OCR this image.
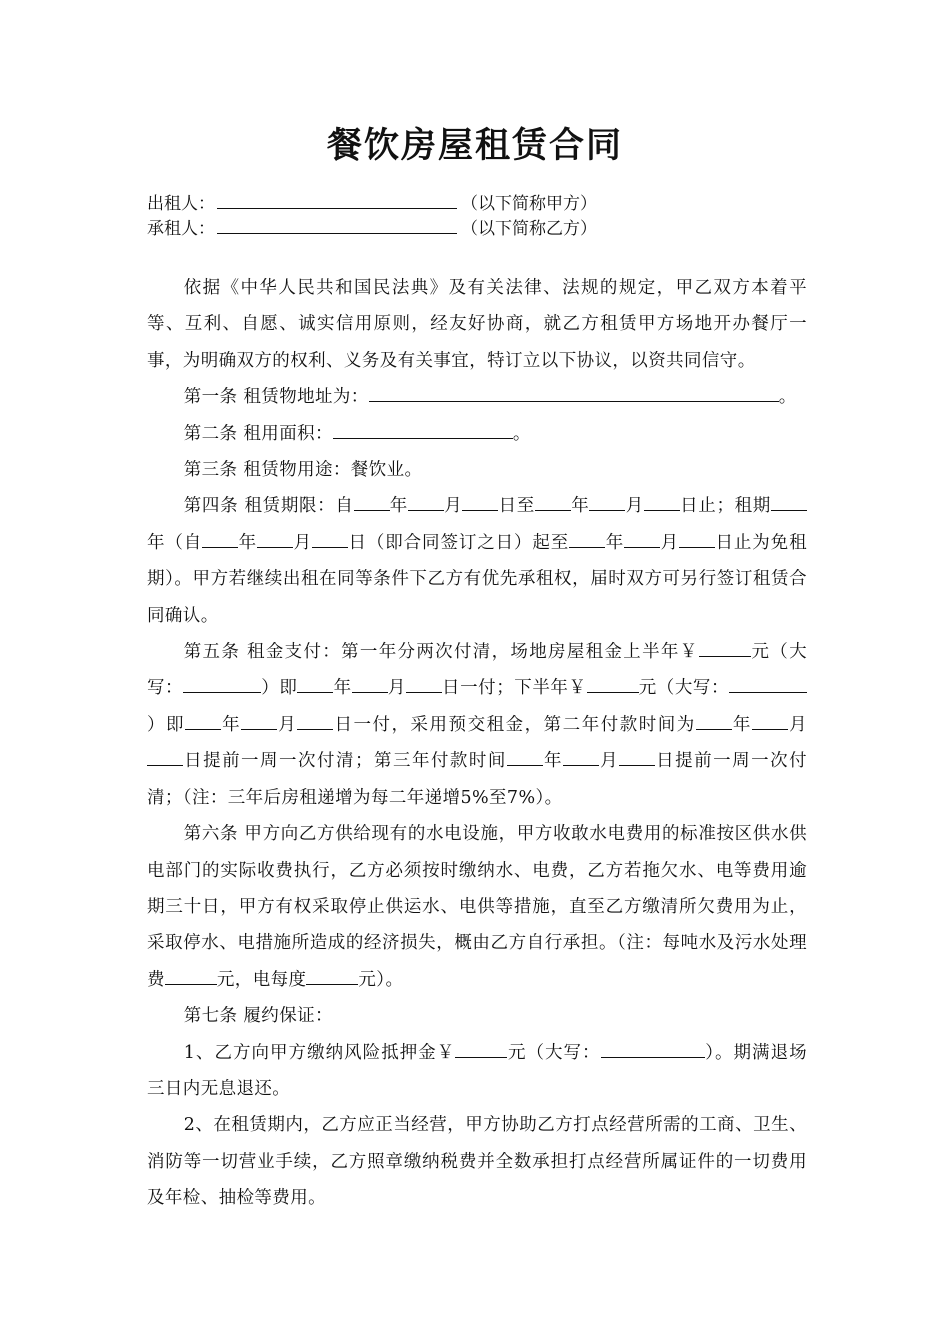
餐饮房屋租赁合同
出租人：	（以下简称甲方）
承租人：	（以下简称乙方）

依据《中华人民共和国民法典》及有关法律、法规的规定，甲乙双方本着平等、互利、自愿、诚实信用原则，经友好协商，就乙方租赁甲方场地开办餐厅一事，为明确双方的权利、义务及有关事宜，特订立以下协议，以资共同信守。

第一条 租赁物地址为：	。

第二条 租用面积：	。

第三条 租赁物用途：餐饮业。

第四条 租赁期限：自 年 月 日至 年 月 日止；租期年（自 年 月 日（即合同签订之日）起至 年 月 日止为免租期）。甲方若继续出租在同等条件下乙方有优先承租权，届时双方可另行签订租赁合同确认。

第五条 租金支付：第一年分两次付清，场地房屋租金上半年￥	元（大写：	）即 年 月 日一付；下半年￥	元（大写：）即 年 月 日一付，采用预交租金，第二年付款时间为 年 月日提前一周一次付清；第三年付款时间 年 月 日提前一周一次付清；（注：三年后房租递增为每二年递增5%至7%）。

第六条 甲方向乙方供给现有的水电设施，甲方收敢水电费用的标准按区供水供电部门的实际收费执行，乙方必须按时缴纳水、电费，乙方若拖欠水、电等费用逾期三十日，甲方有权采取停止供运水、电供等措施，直至乙方缴清所欠费用为止，采取停水、电措施所造成的经济损失，概由乙方自行承担。（注：每吨水及污水处理费	元，电每度	元）。

第七条 履约保证：

1、乙方向甲方缴纳风险抵押金￥	元（大写：	）。期满退场三日内无息退还。

2、在租赁期内，乙方应正当经营，甲方协助乙方打点经营所需的工商、卫生、消防等一切营业手续，乙方照章缴纳税费并全数承担打点经营所属证件的一切费用及年检、抽检等费用。
